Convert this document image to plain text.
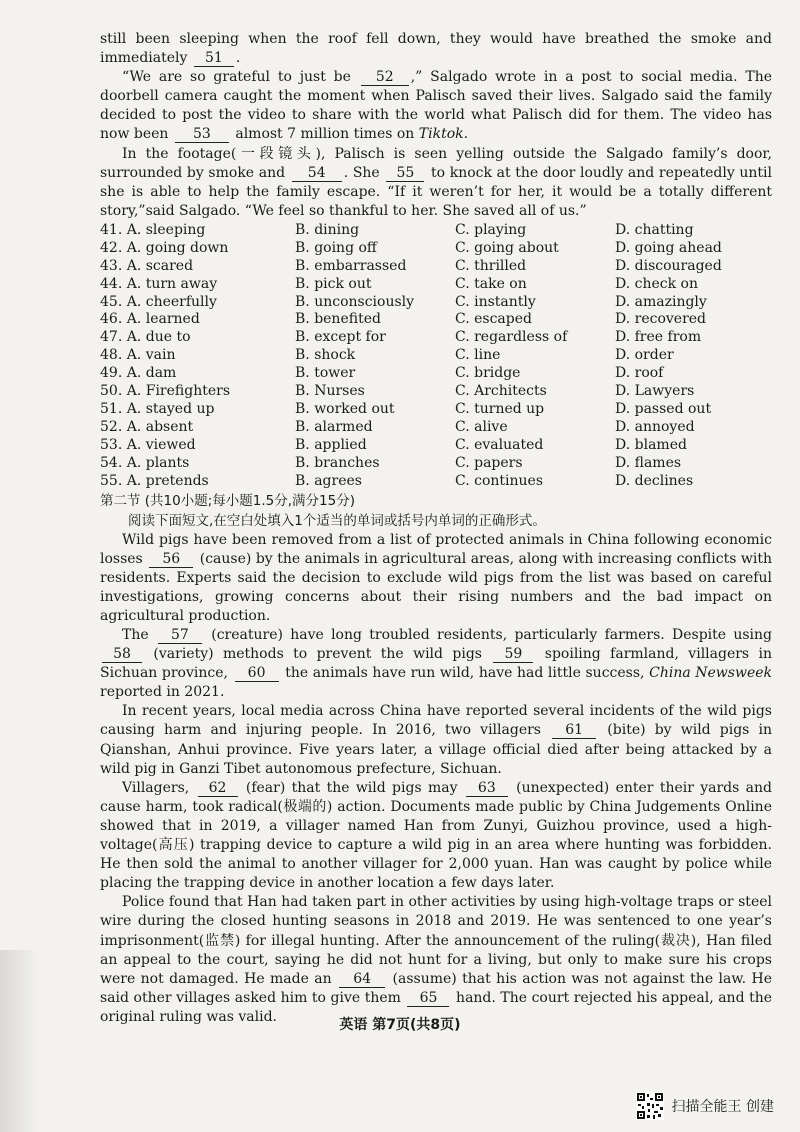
still been sleeping when the roof fell down, they would have breathed the smoke and immediately 51 .

“We are so grateful to just be 52 ,” Salgado wrote in a post to social media. The doorbell camera caught the moment when Palisch saved their lives. Salgado said the family decided to post the video to share with the world what Palisch did for them. The video has now been 53 almost 7 million times on Tiktok.

In the footage(一段镜头), Palisch is seen yelling outside the Salgado family’s door, surrounded by smoke and 54 . She 55 to knock at the door loudly and repeatedly until she is able to help the family escape. “If it weren’t for her, it would be a totally different story,”said Salgado. “We feel so thankful to her. She saved all of us.”

41. A. sleeping	B. dining	C. playing	D. chatting
42. A. going down	B. going off	C. going about	D. going ahead
43. A. scared	B. embarrassed	C. thrilled	D. discouraged
44. A. turn away	B. pick out	C. take on	D. check on
45. A. cheerfully	B. unconsciously	C. instantly	D. amazingly
46. A. learned	B. benefited	C. escaped	D. recovered
47. A. due to	B. except for	C. regardless of	D. free from
48. A. vain	B. shock	C. line	D. order
49. A. dam	B. tower	C. bridge	D. roof
50. A. Firefighters	B. Nurses	C. Architects	D. Lawyers
51. A. stayed up	B. worked out	C. turned up	D. passed out
52. A. absent	B. alarmed	C. alive	D. annoyed
53. A. viewed	B. applied	C. evaluated	D. blamed
54. A. plants	B. branches	C. papers	D. flames
55. A. pretends	B. agrees	C. continues	D. declines
第二节 (共10小题;每小题1.5分,满分15分)
阅读下面短文,在空白处填入1个适当的单词或括号内单词的正确形式。

Wild pigs have been removed from a list of protected animals in China following economic losses 56 (cause) by the animals in agricultural areas, along with increasing conflicts with residents. Experts said the decision to exclude wild pigs from the list was based on careful investigations, growing concerns about their rising numbers and the bad impact on agricultural production.

The 57 (creature) have long troubled residents, particularly farmers. Despite using 58 (variety) methods to prevent the wild pigs 59 spoiling farmland, villagers in Sichuan province, 60 the animals have run wild, have had little success, China Newsweek reported in 2021.

In recent years, local media across China have reported several incidents of the wild pigs causing harm and injuring people. In 2016, two villagers 61 (bite) by wild pigs in Qianshan, Anhui province. Five years later, a village official died after being attacked by a wild pig in Ganzi Tibet autonomous prefecture, Sichuan.

Villagers, 62 (fear) that the wild pigs may 63 (unexpected) enter their yards and cause harm, took radical(极端的) action. Documents made public by China Judgements Online showed that in 2019, a villager named Han from Zunyi, Guizhou province, used a high-voltage(高压) trapping device to capture a wild pig in an area where hunting was forbidden. He then sold the animal to another villager for 2,000 yuan. Han was caught by police while placing the trapping device in another location a few days later.

Police found that Han had taken part in other activities by using high-voltage traps or steel wire during the closed hunting seasons in 2018 and 2019. He was sentenced to one year’s imprisonment(监禁) for illegal hunting. After the announcement of the ruling(裁决), Han filed an appeal to the court, saying he did not hunt for a living, but only to make sure his crops were not damaged. He made an 64 (assume) that his action was not against the law. He said other villages asked him to give them 65 hand. The court rejected his appeal, and the original ruling was valid.

英语 第7页(共8页)
扫描全能王 创建
